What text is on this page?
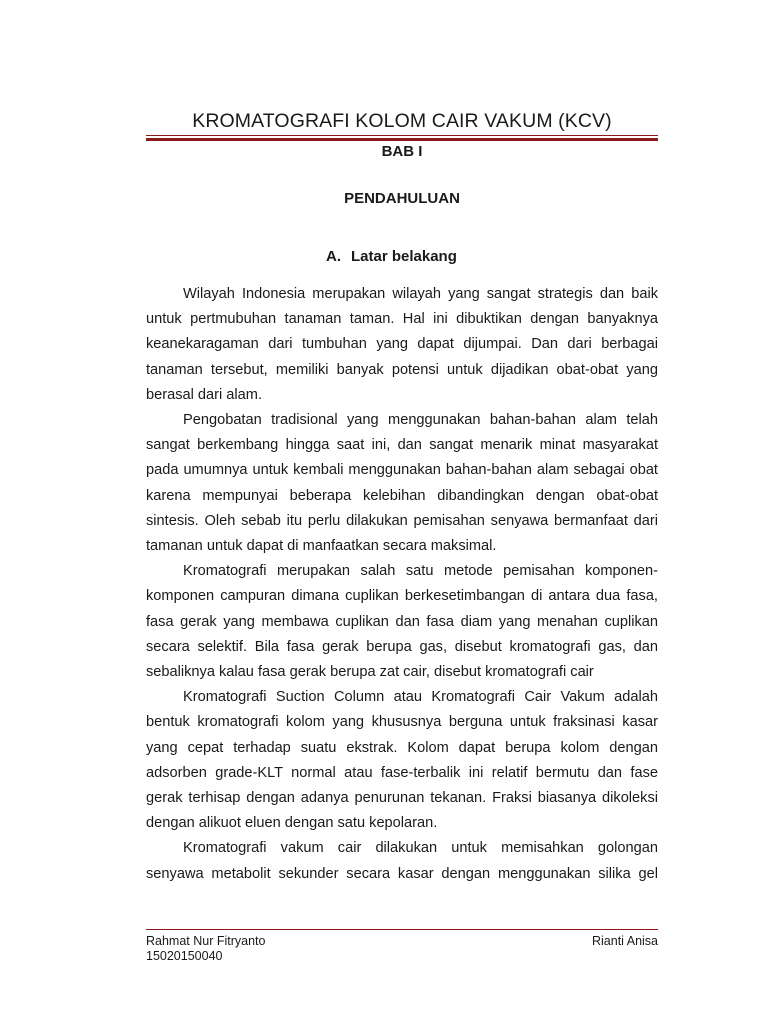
KROMATOGRAFI KOLOM CAIR VAKUM (KCV)
BAB I
PENDAHULUAN
A. Latar belakang

Wilayah Indonesia merupakan wilayah yang sangat strategis dan baik untuk pertmubuhan tanaman taman. Hal ini dibuktikan dengan banyaknya keanekaragaman dari tumbuhan yang dapat dijumpai. Dan dari berbagai tanaman tersebut, memiliki banyak potensi untuk dijadikan obat-obat yang berasal dari alam.

Pengobatan tradisional yang menggunakan bahan-bahan alam telah sangat berkembang hingga saat ini, dan sangat menarik minat masyarakat pada umumnya untuk kembali menggunakan bahan-bahan alam sebagai obat karena mempunyai beberapa kelebihan dibandingkan dengan obat-obat sintesis. Oleh sebab itu perlu dilakukan pemisahan senyawa bermanfaat dari tamanan untuk dapat di manfaatkan secara maksimal.

Kromatografi merupakan salah satu metode pemisahan komponen-komponen campuran dimana cuplikan berkesetimbangan di antara dua fasa, fasa gerak yang membawa cuplikan dan fasa diam yang menahan cuplikan secara selektif. Bila fasa gerak berupa gas, disebut kromatografi gas, dan sebaliknya kalau fasa gerak berupa zat cair, disebut kromatografi cair

Kromatografi Suction Column atau Kromatografi Cair Vakum adalah bentuk kromatografi kolom yang khususnya berguna untuk fraksinasi kasar yang cepat terhadap suatu ekstrak. Kolom dapat berupa kolom dengan adsorben grade-KLT normal atau fase-terbalik ini relatif bermutu dan fase gerak terhisap dengan adanya penurunan tekanan. Fraksi biasanya dikoleksi dengan alikuot eluen dengan satu kepolaran.

Kromatografi vakum cair dilakukan untuk memisahkan golongan senyawa metabolit sekunder secara kasar dengan menggunakan silika gel

Rahmat Nur Fitryanto
15020150040
Rianti Anisa
